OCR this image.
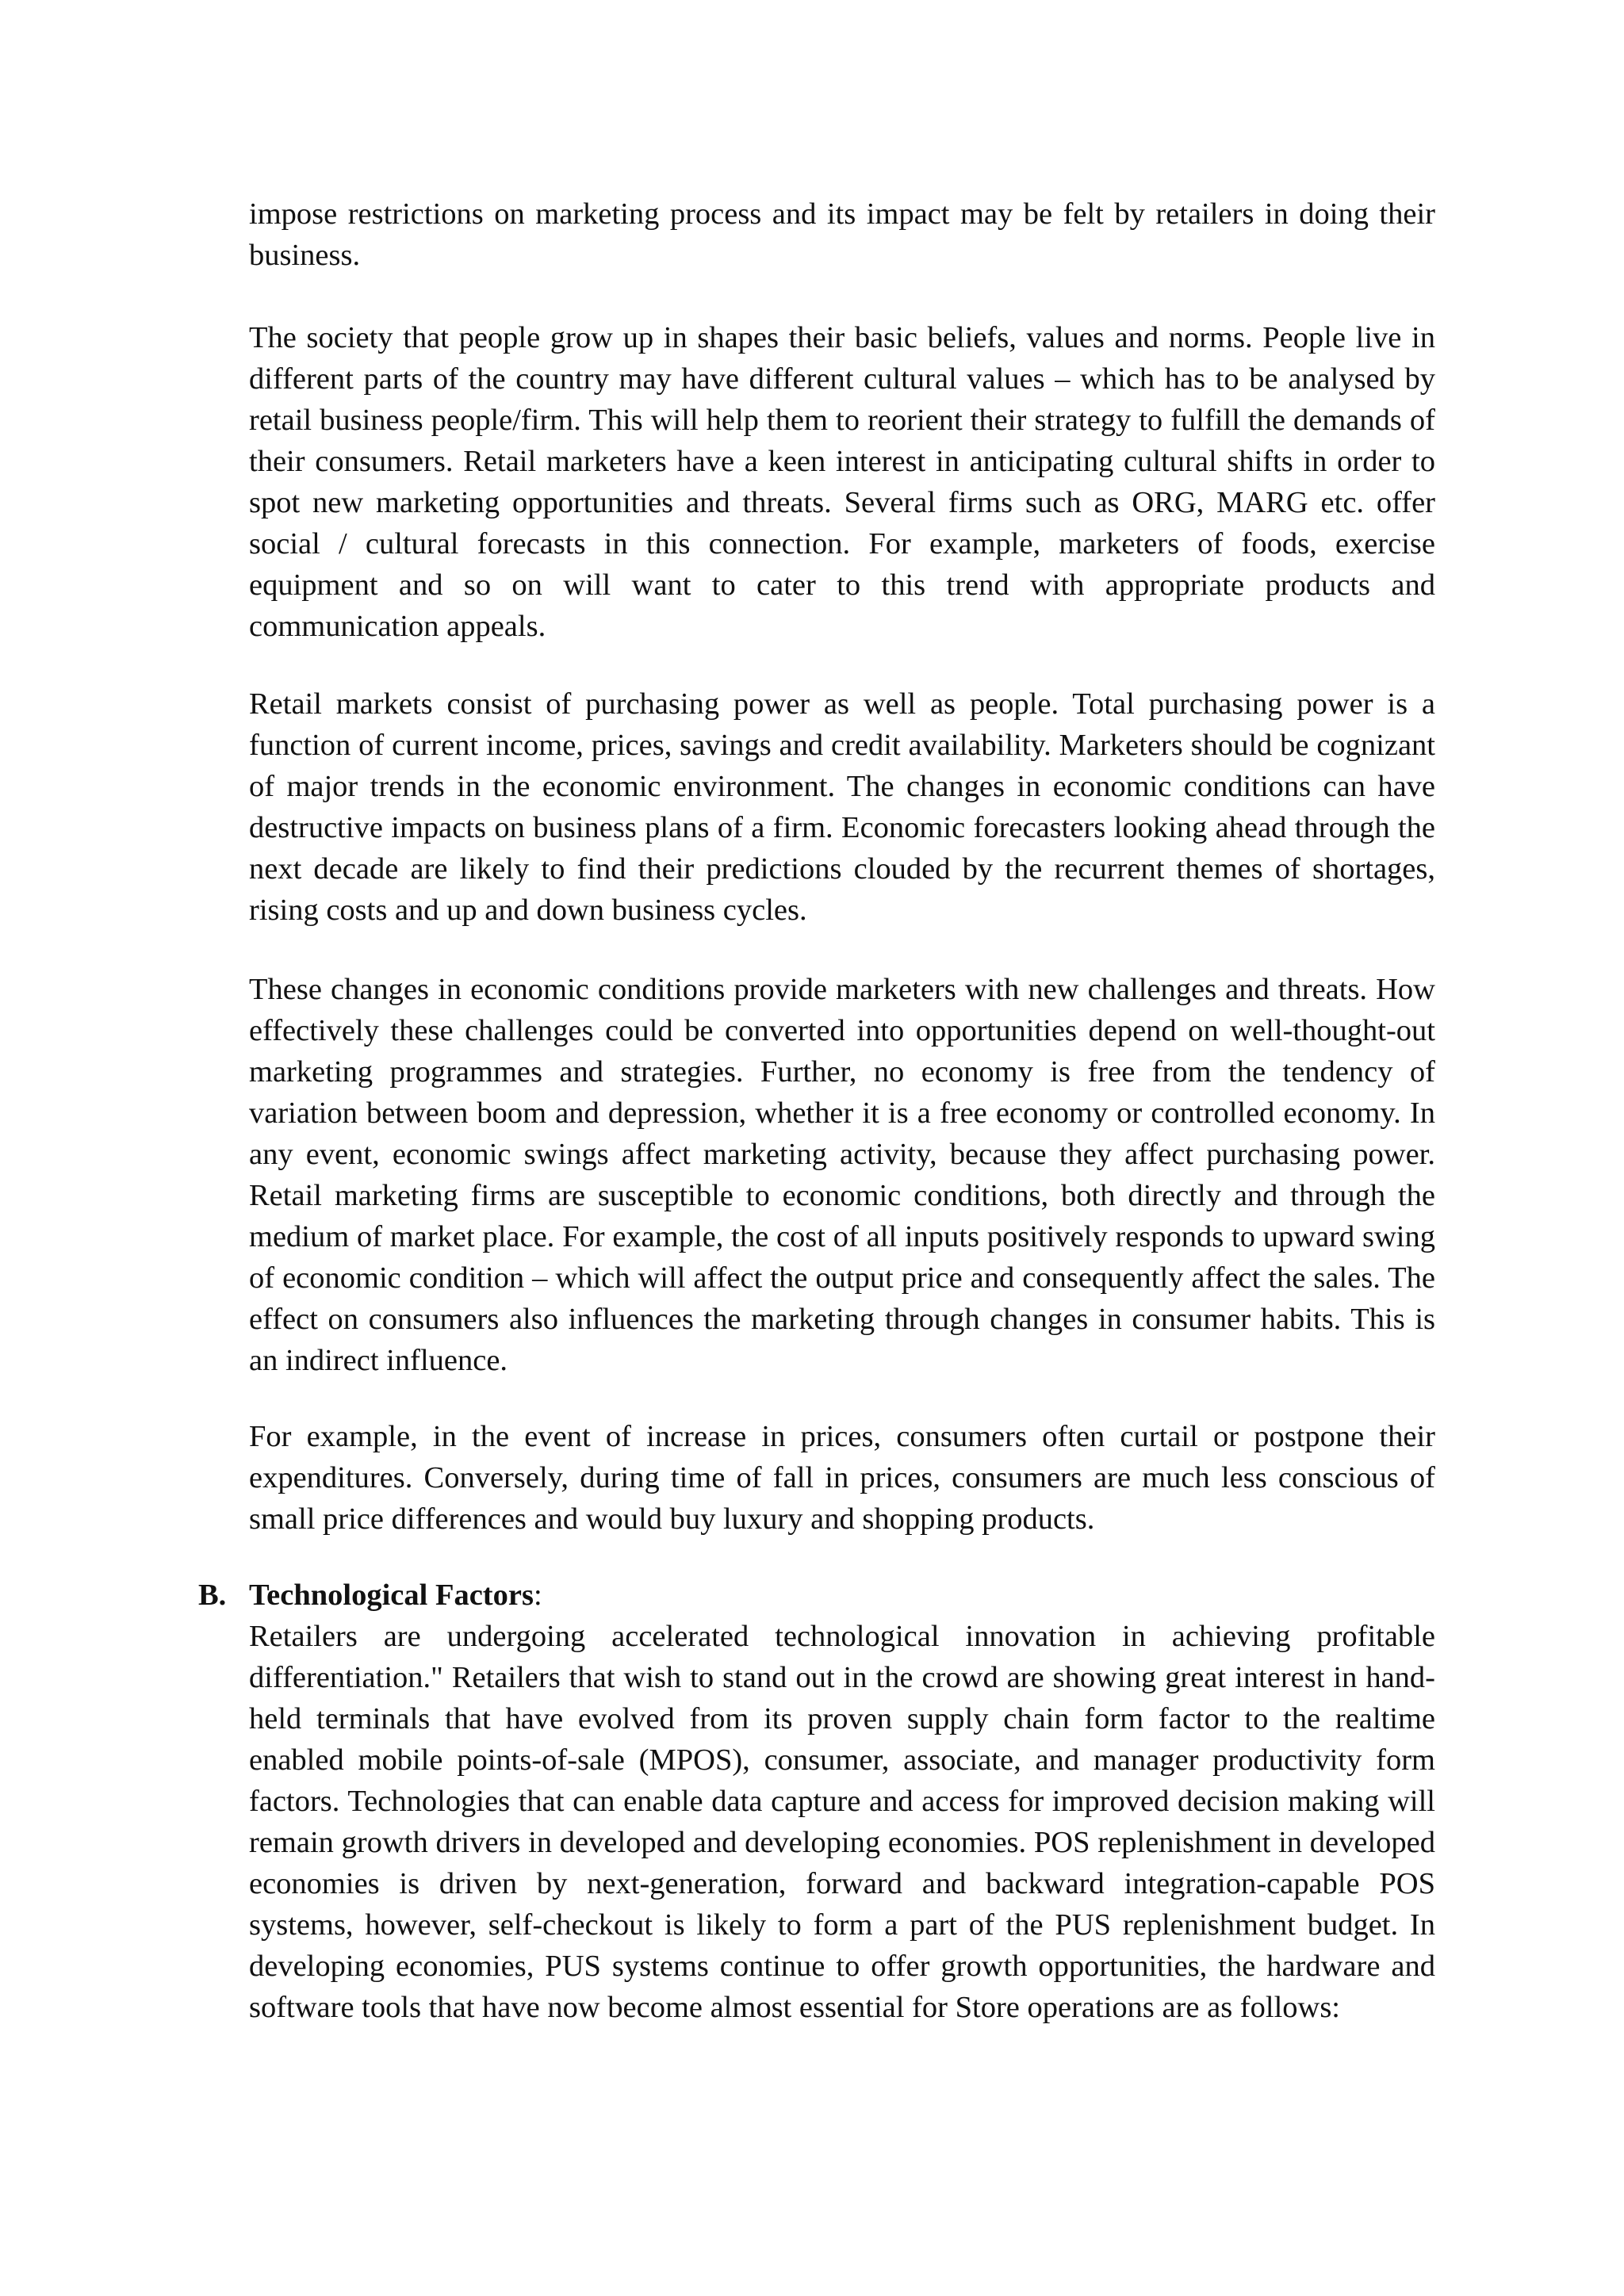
impose restrictions on marketing process and its impact may be felt by retailers in doing their business.

The society that people grow up in shapes their basic beliefs, values and norms. People live in different parts of the country may have different cultural values – which has to be analysed by retail business people/firm. This will help them to reorient their strategy to fulfill the demands of their consumers. Retail marketers have a keen interest in anticipating cultural shifts in order to spot new marketing opportunities and threats. Several firms such as ORG, MARG etc. offer social / cultural forecasts in this connection. For example, marketers of foods, exercise equipment and so on will want to cater to this trend with appropriate products and communication appeals.

Retail markets consist of purchasing power as well as people. Total purchasing power is a function of current income, prices, savings and credit availability. Marketers should be cognizant of major trends in the economic environment. The changes in economic conditions can have destructive impacts on business plans of a firm. Economic forecasters looking ahead through the next decade are likely to find their predictions clouded by the recurrent themes of shortages, rising costs and up and down business cycles.

These changes in economic conditions provide marketers with new challenges and threats. How effectively these challenges could be converted into opportunities depend on well-thought-out marketing programmes and strategies. Further, no economy is free from the tendency of variation between boom and depression, whether it is a free economy or controlled economy. In any event, economic swings affect marketing activity, because they affect purchasing power. Retail marketing firms are susceptible to economic conditions, both directly and through the medium of market place. For example, the cost of all inputs positively responds to upward swing of economic condition – which will affect the output price and consequently affect the sales. The effect on consumers also influences the marketing through changes in consumer habits. This is an indirect influence.

For example, in the event of increase in prices, consumers often curtail or postpone their expenditures. Conversely, during time of fall in prices, consumers are much less conscious of small price differences and would buy luxury and shopping products.

B. Technological Factors:

Retailers are undergoing accelerated technological innovation in achieving profitable differentiation." Retailers that wish to stand out in the crowd are showing great interest in hand-held terminals that have evolved from its proven supply chain form factor to the realtime enabled mobile points-of-sale (MPOS), consumer, associate, and manager productivity form factors. Technologies that can enable data capture and access for improved decision making will remain growth drivers in developed and developing economies. POS replenishment in developed economies is driven by next-generation, forward and backward integration-capable POS systems, however, self-checkout is likely to form a part of the PUS replenishment budget. In developing economies, PUS systems continue to offer growth opportunities, the hardware and software tools that have now become almost essential for Store operations are as follows:
